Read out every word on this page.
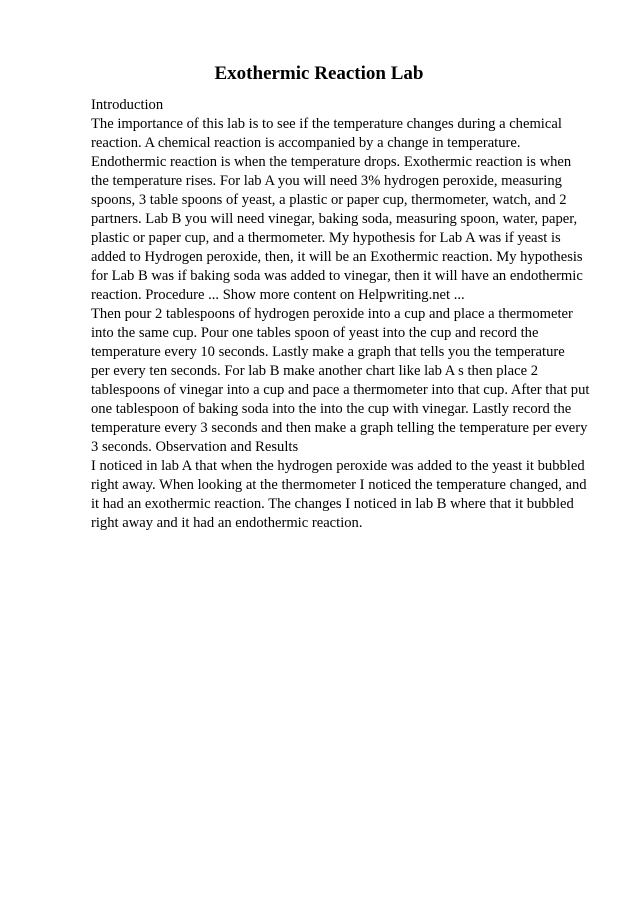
Exothermic Reaction Lab
Introduction
The importance of this lab is to see if the temperature changes during a chemical
reaction. A chemical reaction is accompanied by a change in temperature.
Endothermic reaction is when the temperature drops. Exothermic reaction is when
the temperature rises. For lab A you will need 3% hydrogen peroxide, measuring
spoons, 3 table spoons of yeast, a plastic or paper cup, thermometer, watch, and 2
partners. Lab B you will need vinegar, baking soda, measuring spoon, water, paper,
plastic or paper cup, and a thermometer. My hypothesis for Lab A was if yeast is
added to Hydrogen peroxide, then, it will be an Exothermic reaction. My hypothesis
for Lab B was if baking soda was added to vinegar, then it will have an endothermic
reaction. Procedure ... Show more content on Helpwriting.net ...
Then pour 2 tablespoons of hydrogen peroxide into a cup and place a thermometer
into the same cup. Pour one tables spoon of yeast into the cup and record the
temperature every 10 seconds. Lastly make a graph that tells you the temperature
per every ten seconds. For lab B make another chart like lab A s then place 2
tablespoons of vinegar into a cup and pace a thermometer into that cup. After that put
one tablespoon of baking soda into the into the cup with vinegar. Lastly record the
temperature every 3 seconds and then make a graph telling the temperature per every
3 seconds. Observation and Results
I noticed in lab A that when the hydrogen peroxide was added to the yeast it bubbled
right away. When looking at the thermometer I noticed the temperature changed, and
it had an exothermic reaction. The changes I noticed in lab B where that it bubbled
right away and it had an endothermic reaction.
